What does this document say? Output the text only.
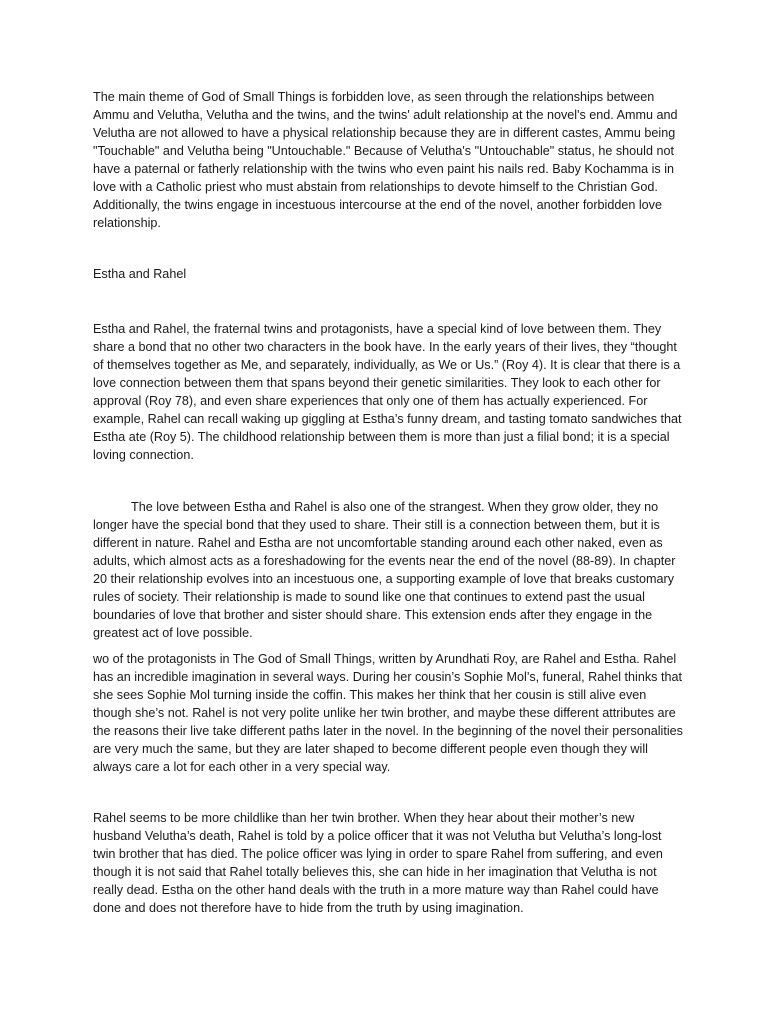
The main theme of God of Small Things is forbidden love, as seen through the relationships between Ammu and Velutha, Velutha and the twins, and the twins' adult relationship at the novel's end. Ammu and Velutha are not allowed to have a physical relationship because they are in different castes, Ammu being "Touchable" and Velutha being "Untouchable." Because of Velutha's "Untouchable" status, he should not have a paternal or fatherly relationship with the twins who even paint his nails red. Baby Kochamma is in love with a Catholic priest who must abstain from relationships to devote himself to the Christian God. Additionally, the twins engage in incestuous intercourse at the end of the novel, another forbidden love relationship.

Estha and Rahel

Estha and Rahel, the fraternal twins and protagonists, have a special kind of love between them. They share a bond that no other two characters in the book have. In the early years of their lives, they “thought of themselves together as Me, and separately, individually, as We or Us.” (Roy 4). It is clear that there is a love connection between them that spans beyond their genetic similarities. They look to each other for approval (Roy 78), and even share experiences that only one of them has actually experienced. For example, Rahel can recall waking up giggling at Estha’s funny dream, and tasting tomato sandwiches that Estha ate (Roy 5). The childhood relationship between them is more than just a filial bond; it is a special loving connection.

The love between Estha and Rahel is also one of the strangest. When they grow older, they no longer have the special bond that they used to share. Their still is a connection between them, but it is different in nature. Rahel and Estha are not uncomfortable standing around each other naked, even as adults, which almost acts as a foreshadowing for the events near the end of the novel (88-89). In chapter 20 their relationship evolves into an incestuous one, a supporting example of love that breaks customary rules of society. Their relationship is made to sound like one that continues to extend past the usual boundaries of love that brother and sister should share. This extension ends after they engage in the greatest act of love possible.

wo of the protagonists in The God of Small Things, written by Arundhati Roy, are Rahel and Estha. Rahel has an incredible imagination in several ways. During her cousin’s Sophie Mol’s, funeral, Rahel thinks that she sees Sophie Mol turning inside the coffin. This makes her think that her cousin is still alive even though she’s not. Rahel is not very polite unlike her twin brother, and maybe these different attributes are the reasons their live take different paths later in the novel. In the beginning of the novel their personalities are very much the same, but they are later shaped to become different people even though they will always care a lot for each other in a very special way.

Rahel seems to be more childlike than her twin brother. When they hear about their mother’s new husband Velutha’s death, Rahel is told by a police officer that it was not Velutha but Velutha’s long-lost twin brother that has died. The police officer was lying in order to spare Rahel from suffering, and even though it is not said that Rahel totally believes this, she can hide in her imagination that Velutha is not really dead. Estha on the other hand deals with the truth in a more mature way than Rahel could have done and does not therefore have to hide from the truth by using imagination.
